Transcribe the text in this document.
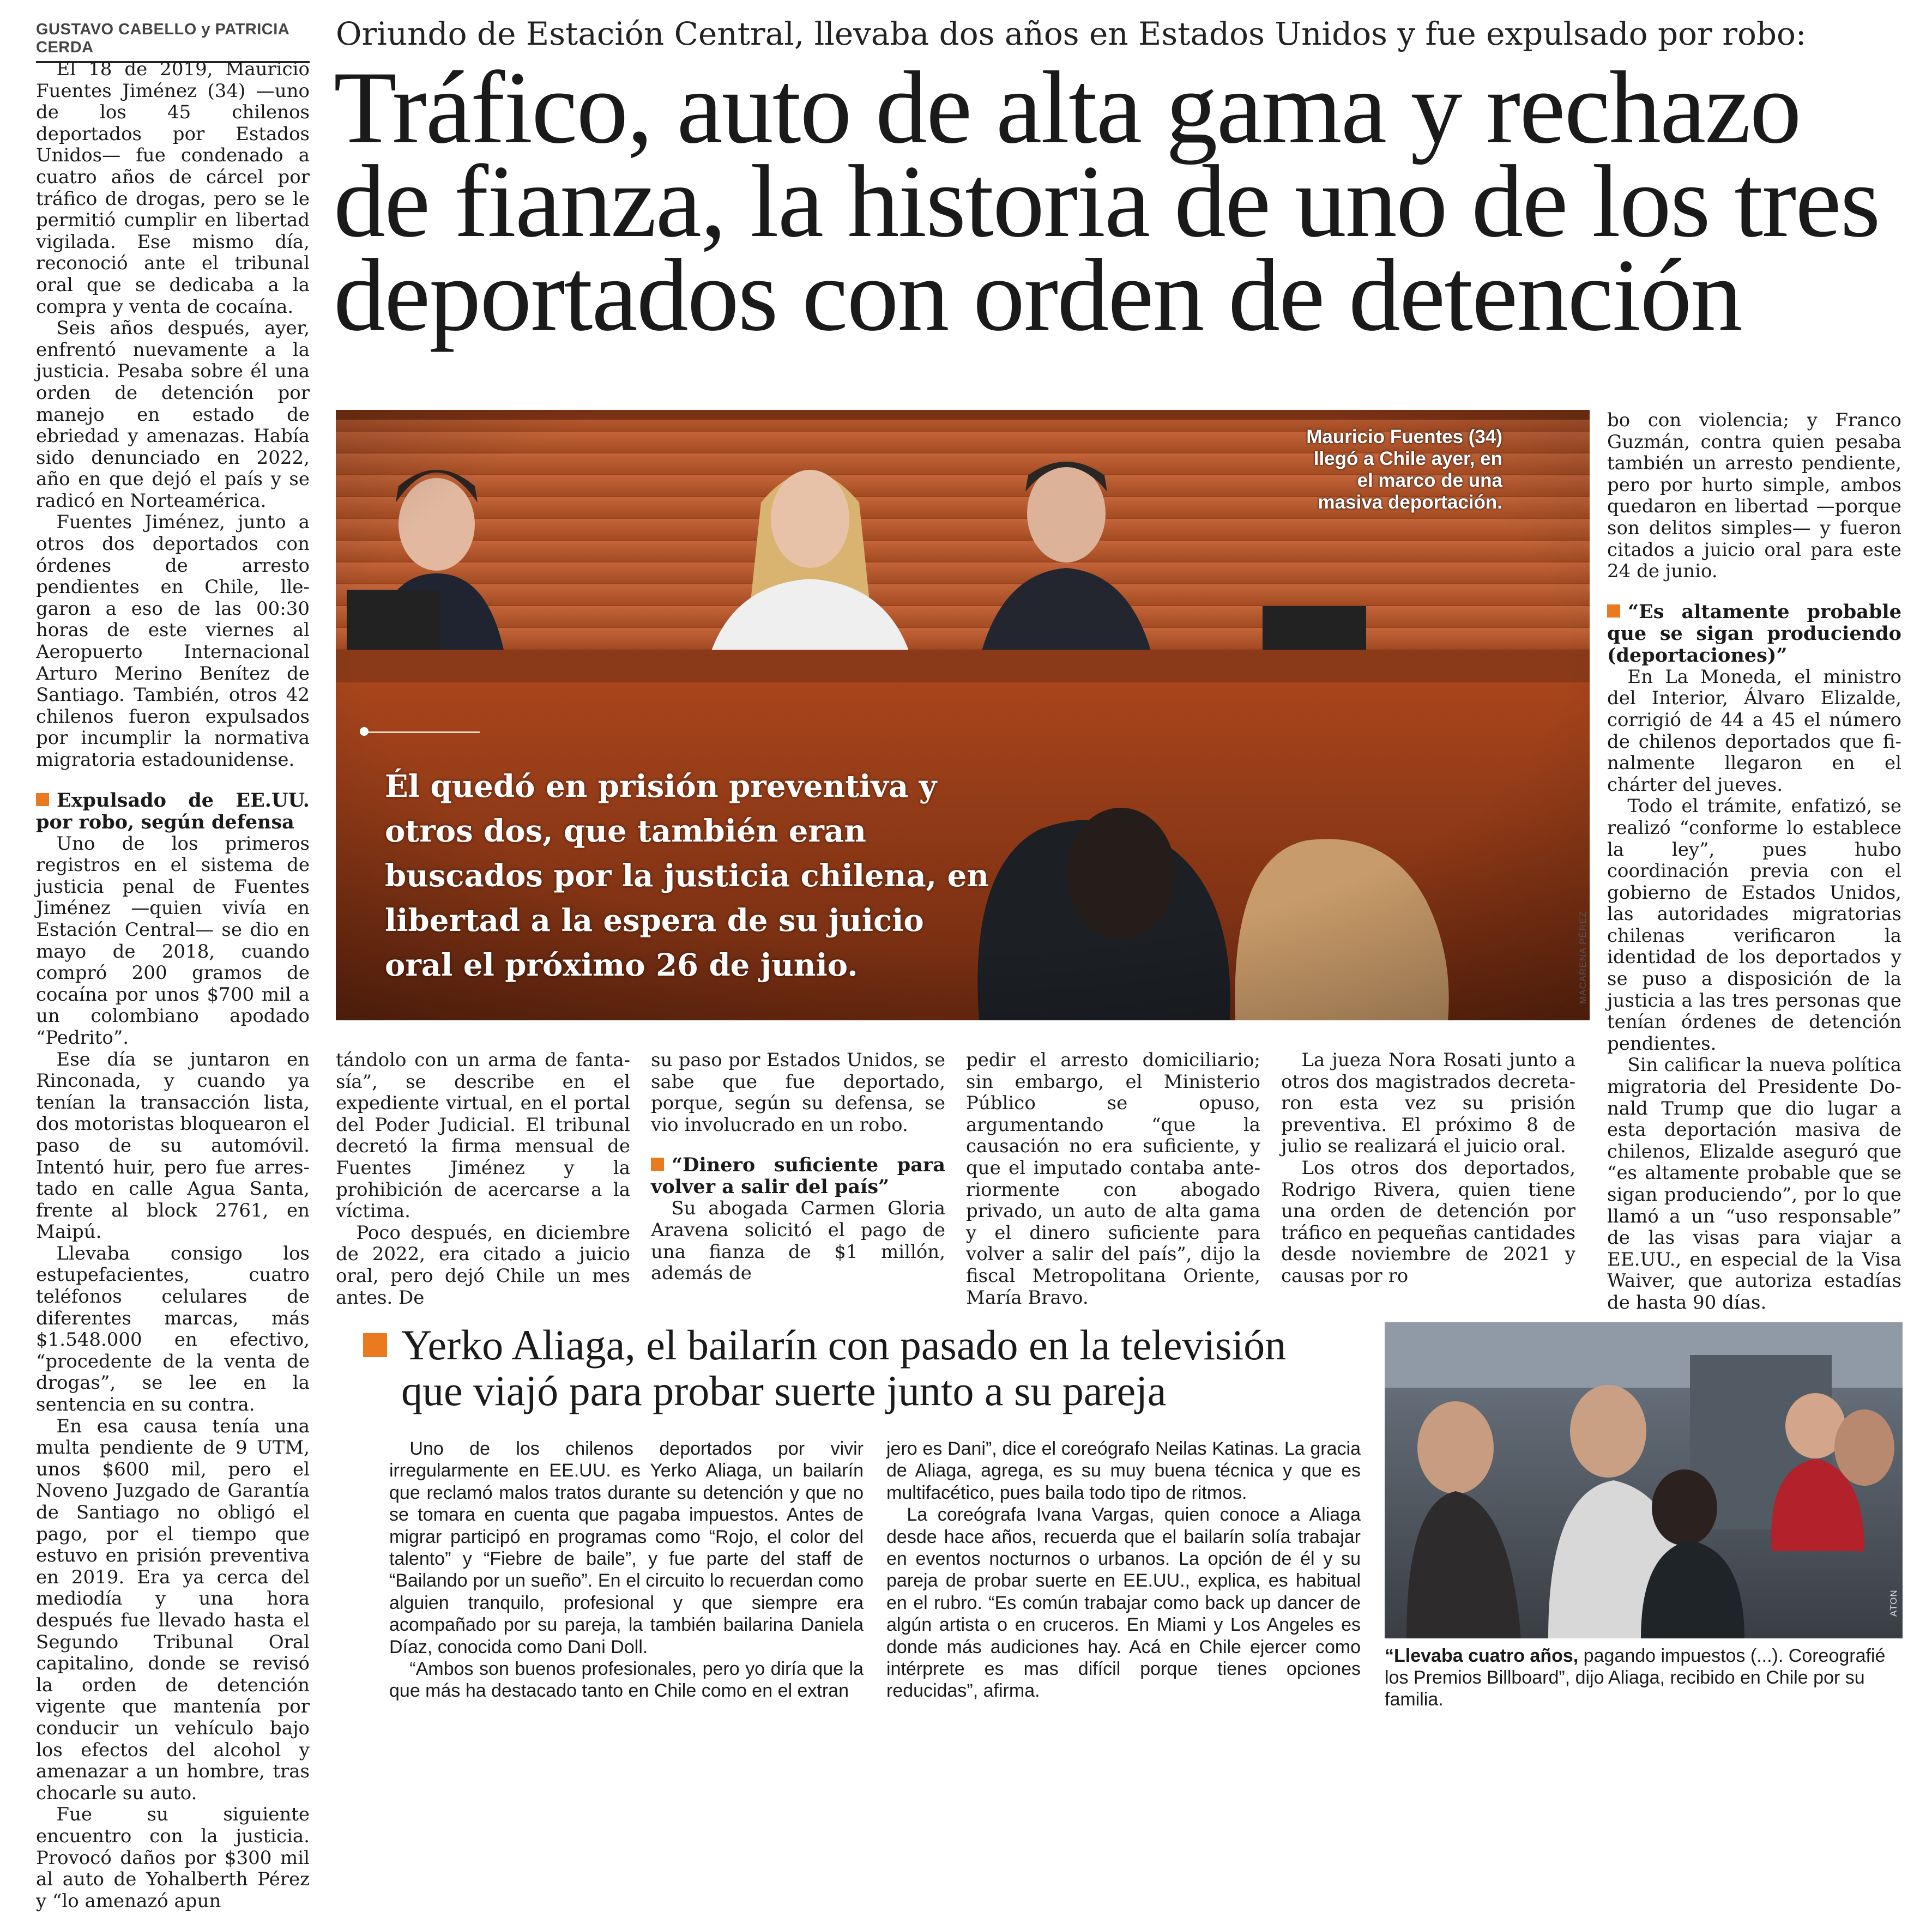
GUSTAVO CABELLO y PATRICIA CERDA

El 18 de 2019, Mauricio Fuentes Jiménez (34) —uno de los 45 chilenos deportados por Estados Unidos— fue condenado a cuatro años de cárcel por tráfico de drogas, pero se le permitió cumplir en libertad vigilada. Ese mismo día, reconoció ante el tribunal oral que se dedicaba a la compra y venta de cocaína.

Seis años después, ayer, enfrentó nuevamente a la justicia. Pesaba sobre él una orden de detención por manejo en estado de ebriedad y amenazas. Había sido denunciado en 2022, año en que dejó el país y se radicó en Norteamérica.

Fuentes Jiménez, junto a otros dos deportados con órdenes de arresto pendientes en Chile, llegaron a eso de las 00:30 horas de este viernes al Aeropuerto Internacional Arturo Merino Benítez de Santiago. También, otros 42 chilenos fueron expulsados por incumplir la normativa migratoria estadounidense.

Expulsado de EE.UU. por robo, según defensa

Uno de los primeros registros en el sistema de justicia penal de Fuentes Jiménez —quien vivía en Estación Central— se dio en mayo de 2018, cuando compró 200 gramos de cocaína por unos $700 mil a un colombiano apodado “Pedrito”.

Ese día se juntaron en Rinconada, y cuando ya tenían la transacción lista, dos motoristas bloquearon el paso de su automóvil. Intentó huir, pero fue arrestado en calle Agua Santa, frente al block 2761, en Maipú.

Llevaba consigo los estupefacientes, cuatro teléfonos celulares de diferentes marcas, más $1.548.000 en efectivo, “procedente de la venta de drogas”, se lee en la sentencia en su contra.

En esa causa tenía una multa pendiente de 9 UTM, unos $600 mil, pero el Noveno Juzgado de Garantía de Santiago no obligó el pago, por el tiempo que estuvo en prisión preventiva en 2019. Era ya cerca del mediodía y una hora después fue llevado hasta el Segundo Tribunal Oral capitalino, donde se revisó la orden de detención vigente que mantenía por conducir un vehículo bajo los efectos del alcohol y amenazar a un hombre, tras chocarle su auto.

Fue su siguiente encuentro con la justicia. Provocó daños por $300 mil al auto de Yohalberth Pérez y “lo amenazó apun

Oriundo de Estación Central, llevaba dos años en Estados Unidos y fue expulsado por robo:
Tráfico, auto de alta gama y rechazo
de fianza, la historia de uno de los tres
deportados con orden de detención
Mauricio Fuentes (34) llegó a Chile ayer, en el marco de una masiva deportación.
Él quedó en prisión preventiva y otros dos, que también eran buscados por la justicia chilena, en libertad a la espera de su juicio oral el próximo 26 de junio.	MACARENA PÉREZ

tándolo con un arma de fantasía”, se describe en el expediente virtual, en el portal del Poder Judicial. El tribunal decretó la firma mensual de Fuentes Jiménez y la prohibición de acercarse a la víctima.

Poco después, en diciembre de 2022, era citado a juicio oral, pero dejó Chile un mes antes. De

su paso por Estados Unidos, se sabe que fue deportado, porque, según su defensa, se vio involucrado en un robo.

“Dinero suficiente para volver a salir del país”

Su abogada Carmen Gloria Aravena solicitó el pago de una fianza de $1 millón, además de

pedir el arresto domiciliario; sin embargo, el Ministerio Público se opuso, argumentando “que la causación no era suficiente, y que el imputado contaba anteriormente con abogado privado, un auto de alta gama y el dinero suficiente para volver a salir del país”, dijo la fiscal Metropolitana Oriente, María Bravo.

La jueza Nora Rosati junto a otros dos magistrados decretaron esta vez su prisión preventiva. El próximo 8 de julio se realizará el juicio oral.

Los otros dos deportados, Rodrigo Rivera, quien tiene una orden de detención por tráfico en pequeñas cantidades desde noviembre de 2021 y causas por ro

bo con violencia; y Franco Guzmán, contra quien pesaba también un arresto pendiente, pero por hurto simple, ambos quedaron en libertad —porque son delitos simples— y fueron citados a juicio oral para este 24 de junio.

“Es altamente probable que se sigan produciendo (deportaciones)”

En La Moneda, el ministro del Interior, Álvaro Elizalde, corrigió de 44 a 45 el número de chilenos deportados que finalmente llegaron en el chárter del jueves.

Todo el trámite, enfatizó, se realizó “conforme lo establece la ley”, pues hubo coordinación previa con el gobierno de Estados Unidos, las autoridades migratorias chilenas verificaron la identidad de los deportados y se puso a disposición de la justicia a las tres personas que tenían órdenes de detención pendientes.

Sin calificar la nueva política migratoria del Presidente Donald Trump que dio lugar a esta deportación masiva de chilenos, Elizalde aseguró que “es altamente probable que se sigan produciendo”, por lo que llamó a un “uso responsable” de las visas para viajar a EE.UU., en especial de la Visa Waiver, que autoriza estadías de hasta 90 días.

Yerko Aliaga, el bailarín con pasado en la televisión
que viajó para probar suerte junto a su pareja

Uno de los chilenos deportados por vivir irregularmente en EE.UU. es Yerko Aliaga, un bailarín que reclamó malos tratos durante su detención y que no se tomara en cuenta que pagaba impuestos. Antes de migrar participó en programas como “Rojo, el color del talento” y “Fiebre de baile”, y fue parte del staff de “Bailando por un sueño”. En el circuito lo recuerdan como alguien tranquilo, profesional y que siempre era acompañado por su pareja, la también bailarina Daniela Díaz, conocida como Dani Doll.

“Ambos son buenos profesionales, pero yo diría que la que más ha destacado tanto en Chile como en el extran

jero es Dani”, dice el coreógrafo Neilas Katinas. La gracia de Aliaga, agrega, es su muy buena técnica y que es multifacético, pues baila todo tipo de ritmos.

La coreógrafa Ivana Vargas, quien conoce a Aliaga desde hace años, recuerda que el bailarín solía trabajar en eventos nocturnos o urbanos. La opción de él y su pareja de probar suerte en EE.UU., explica, es habitual en el rubro. “Es común trabajar como back up dancer de algún artista o en cruceros. En Miami y Los Angeles es donde más audiciones hay. Acá en Chile ejercer como intérprete es mas difícil porque tienes opciones reducidas”, afirma.

ATON
“Llevaba cuatro años, pagando impuestos (...). Coreografié los Premios Billboard”, dijo Aliaga, recibido en Chile por su familia.
